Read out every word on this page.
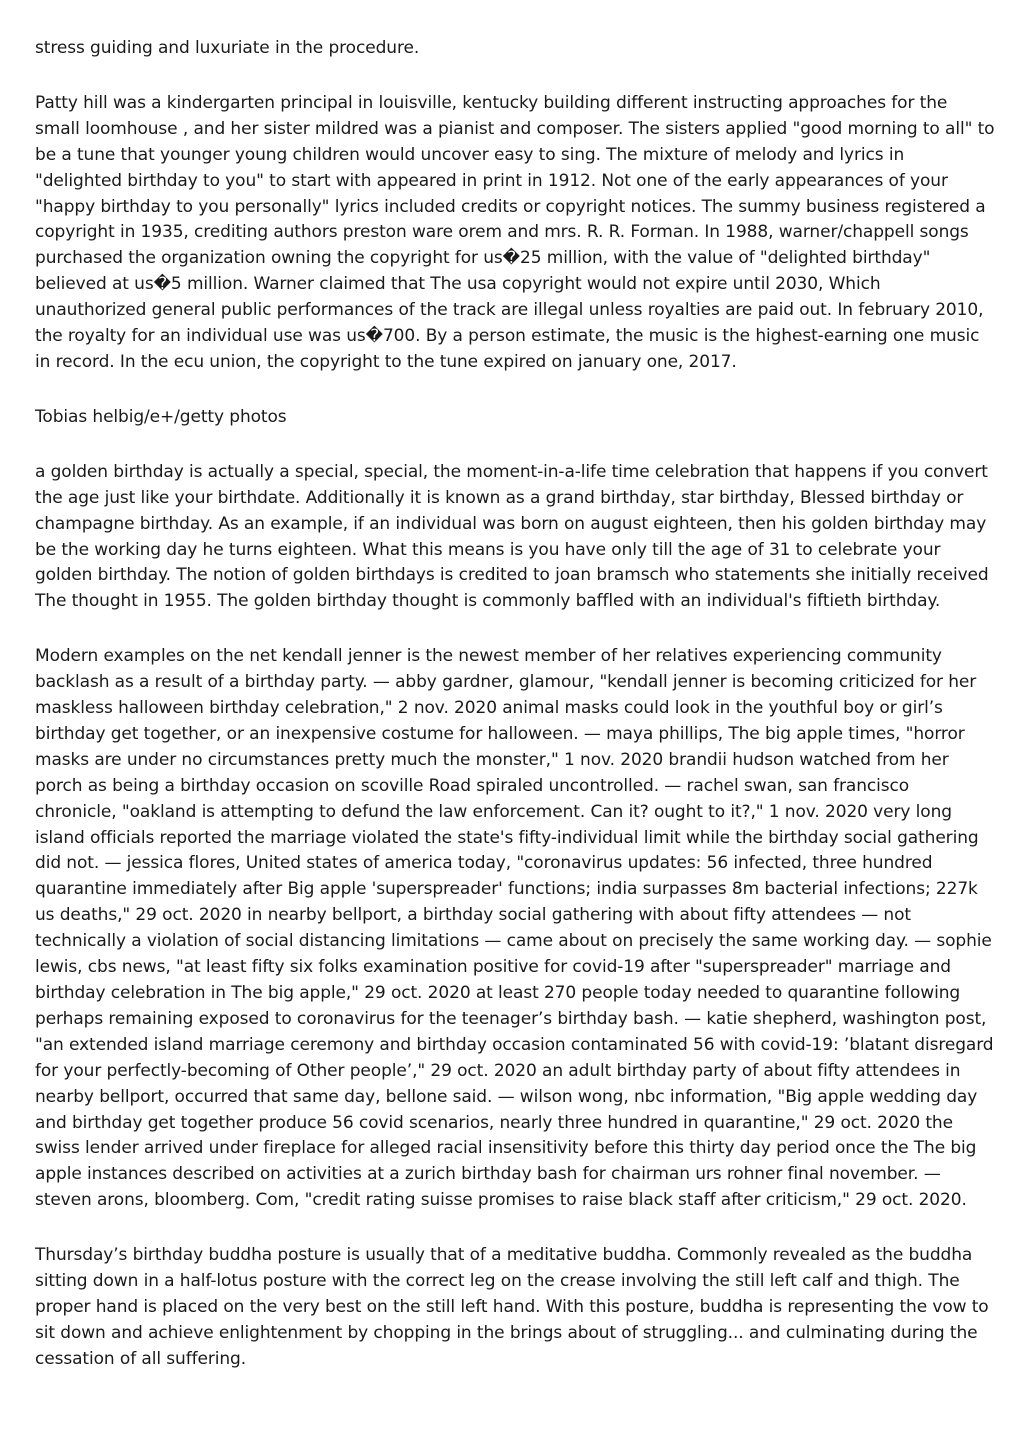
stress guiding and luxuriate in the procedure.

Patty hill was a kindergarten principal in louisville, kentucky building different instructing approaches for the small loomhouse , and her sister mildred was a pianist and composer. The sisters applied "good morning to all" to be a tune that younger young children would uncover easy to sing. The mixture of melody and lyrics in "delighted birthday to you" to start with appeared in print in 1912. Not one of the early appearances of your "happy birthday to you personally" lyrics included credits or copyright notices. The summy business registered a copyright in 1935, crediting authors preston ware orem and mrs. R. R. Forman. In 1988, warner/chappell songs purchased the organization owning the copyright for us�25 million, with the value of "delighted birthday" believed at us�5 million. Warner claimed that The usa copyright would not expire until 2030, Which unauthorized general public performances of the track are illegal unless royalties are paid out. In february 2010, the royalty for an individual use was us�700. By a person estimate, the music is the highest-earning one music in record. In the ecu union, the copyright to the tune expired on january one, 2017.

Tobias helbig/e+/getty photos

a golden birthday is actually a special, special, the moment-in-a-life time celebration that happens if you convert the age just like your birthdate. Additionally it is known as a grand birthday, star birthday, Blessed birthday or champagne birthday. As an example, if an individual was born on august eighteen, then his golden birthday may be the working day he turns eighteen. What this means is you have only till the age of 31 to celebrate your golden birthday. The notion of golden birthdays is credited to joan bramsch who statements she initially received The thought in 1955. The golden birthday thought is commonly baffled with an individual's fiftieth birthday.

Modern examples on the net kendall jenner is the newest member of her relatives experiencing community backlash as a result of a birthday party. — abby gardner, glamour, "kendall jenner is becoming criticized for her maskless halloween birthday celebration," 2 nov. 2020 animal masks could look in the youthful boy or girl’s birthday get together, or an inexpensive costume for halloween. — maya phillips, The big apple times, "horror masks are under no circumstances pretty much the monster," 1 nov. 2020 brandii hudson watched from her porch as being a birthday occasion on scoville Road spiraled uncontrolled. — rachel swan, san francisco chronicle, "oakland is attempting to defund the law enforcement. Can it? ought to it?," 1 nov. 2020 very long island officials reported the marriage violated the state's fifty-individual limit while the birthday social gathering did not. — jessica flores, United states of america today, "coronavirus updates: 56 infected, three hundred quarantine immediately after Big apple 'superspreader' functions; india surpasses 8m bacterial infections; 227k us deaths," 29 oct. 2020 in nearby bellport, a birthday social gathering with about fifty attendees — not technically a violation of social distancing limitations — came about on precisely the same working day. — sophie lewis, cbs news, "at least fifty six folks examination positive for covid-19 after "superspreader" marriage and birthday celebration in The big apple," 29 oct. 2020 at least 270 people today needed to quarantine following perhaps remaining exposed to coronavirus for the teenager’s birthday bash. — katie shepherd, washington post, "an extended island marriage ceremony and birthday occasion contaminated 56 with covid-19: ’blatant disregard for your perfectly-becoming of Other people’," 29 oct. 2020 an adult birthday party of about fifty attendees in nearby bellport, occurred that same day, bellone said. — wilson wong, nbc information, "Big apple wedding day and birthday get together produce 56 covid scenarios, nearly three hundred in quarantine," 29 oct. 2020 the swiss lender arrived under fireplace for alleged racial insensitivity before this thirty day period once the The big apple instances described on activities at a zurich birthday bash for chairman urs rohner final november. — steven arons, bloomberg. Com, "credit rating suisse promises to raise black staff after criticism," 29 oct. 2020.

Thursday’s birthday buddha posture is usually that of a meditative buddha. Commonly revealed as the buddha sitting down in a half-lotus posture with the correct leg on the crease involving the still left calf and thigh. The proper hand is placed on the very best on the still left hand. With this posture, buddha is representing the vow to sit down and achieve enlightenment by chopping in the brings about of struggling... and culminating during the cessation of all suffering.
